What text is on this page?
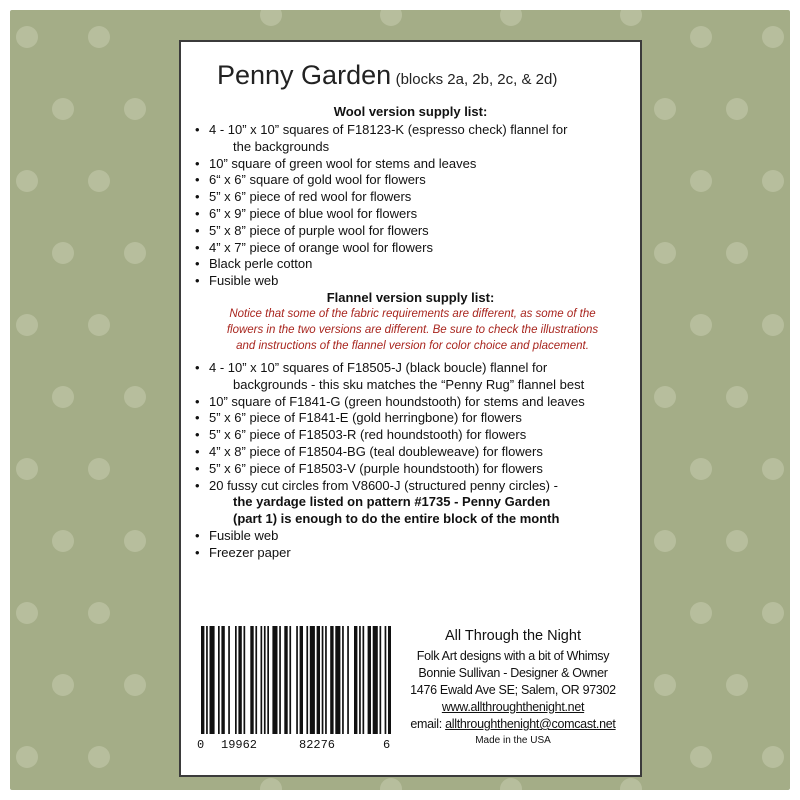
Penny Garden (blocks 2a, 2b, 2c, & 2d)
Wool version supply list:
• 4 - 10” x 10” squares of F18123-K (espresso check) flannel for
the backgrounds
• 10” square of green wool for stems and leaves
• 6“ x 6” square of gold wool for flowers
• 5” x 6” piece of red wool for flowers
• 6” x 9” piece of blue wool for flowers
• 5” x 8” piece of purple wool for flowers
• 4” x 7” piece of orange wool for flowers
• Black perle cotton
• Fusible web
Flannel version supply list:
Notice that some of the fabric requirements are different, as some of the
flowers in the two versions are different. Be sure to check the illustrations
and instructions of the flannel version for color choice and placement.
• 4 - 10” x 10” squares of F18505-J (black boucle) flannel for
backgrounds - this sku matches the “Penny Rug” flannel best
• 10” square of F1841-G (green houndstooth) for stems and leaves
• 5” x 6” piece of F1841-E (gold herringbone) for flowers
• 5” x 6” piece of F18503-R (red houndstooth) for flowers
• 4” x 8” piece of F18504-BG (teal doubleweave) for flowers
• 5” x 6” piece of F18503-V (purple houndstooth) for flowers
• 20 fussy cut circles from V8600-J (structured penny circles) -
the yardage listed on pattern #1735 - Penny Garden
(part 1) is enough to do the entire block of the month
• Fusible web
• Freezer paper
0 19962	82276	6
All Through the Night
Folk Art designs with a bit of Whimsy
Bonnie Sullivan - Designer & Owner
1476 Ewald Ave SE; Salem, OR 97302
www.allthroughthenight.net
email: allthroughthenight@comcast.net
Made in the USA
